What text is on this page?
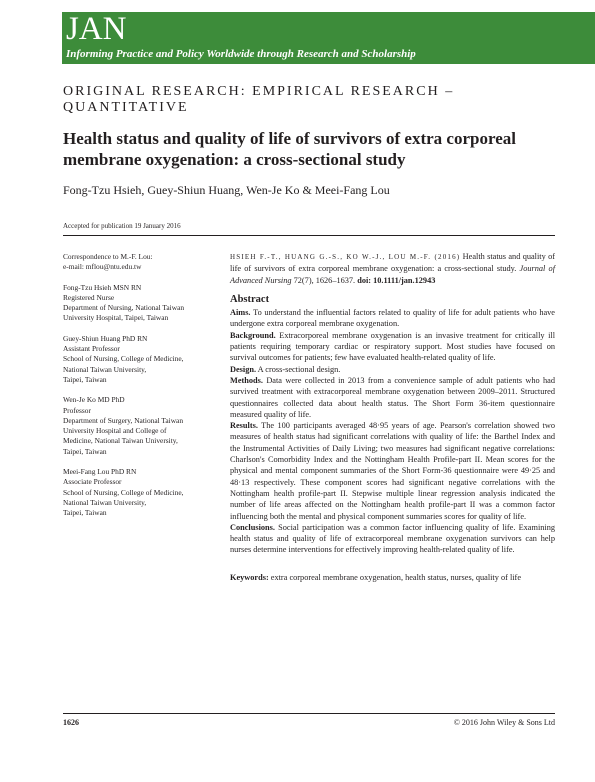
JAN
Informing Practice and Policy Worldwide through Research and Scholarship
ORIGINAL RESEARCH: EMPIRICAL RESEARCH – QUANTITATIVE
Health status and quality of life of survivors of extra corporeal membrane oxygenation: a cross-sectional study
Fong-Tzu Hsieh, Guey-Shiun Huang, Wen-Je Ko & Meei-Fang Lou
Accepted for publication 19 January 2016
Correspondence to M.-F. Lou:
e-mail: mflou@ntu.edu.tw
Fong-Tzu Hsieh MSN RN
Registered Nurse
Department of Nursing, National Taiwan
University Hospital, Taipei, Taiwan
Guey-Shiun Huang PhD RN
Assistant Professor
School of Nursing, College of Medicine,
National Taiwan University,
Taipei, Taiwan
Wen-Je Ko MD PhD
Professor
Department of Surgery, National Taiwan
University Hospital and College of
Medicine, National Taiwan University,
Taipei, Taiwan
Meei-Fang Lou PhD RN
Associate Professor
School of Nursing, College of Medicine,
National Taiwan University,
Taipei, Taiwan

HSIEH F.-T., HUANG G.-S., KO W.-J., LOU M.-F. (2016) Health status and quality of life of survivors of extra corporeal membrane oxygenation: a cross-sectional study. Journal of Advanced Nursing 72(7), 1626–1637. doi: 10.1111/jan.12943

Abstract

Aims. To understand the influential factors related to quality of life for adult patients who have undergone extra corporeal membrane oxygenation.

Background. Extracorporeal membrane oxygenation is an invasive treatment for critically ill patients requiring temporary cardiac or respiratory support. Most studies have focused on survival outcomes for patients; few have evaluated health-related quality of life.

Design. A cross-sectional design.

Methods. Data were collected in 2013 from a convenience sample of adult patients who had survived treatment with extracorporeal membrane oxygenation between 2009–2011. Structured questionnaires collected data about health status. The Short Form 36-item questionnaire measured quality of life.

Results. The 100 participants averaged 48·95 years of age. Pearson's correlation showed two measures of health status had significant correlations with quality of life: the Barthel Index and the Instrumental Activities of Daily Living; two measures had significant negative correlations: Charlson's Comorbidity Index and the Nottingham Health Profile-part II. Mean scores for the physical and mental component summaries of the Short Form-36 questionnaire were 49·25 and 48·13 respectively. These component scores had significant negative correlations with the Nottingham health profile-part II. Stepwise multiple linear regression analysis indicated the number of life areas affected on the Nottingham health profile-part II was a common factor influencing both the mental and physical component summaries scores for quality of life.

Conclusions. Social participation was a common factor influencing quality of life. Examining health status and quality of life of extracorporeal membrane oxygenation survivors can help nurses determine interventions for effectively improving health-related quality of life.

Keywords: extra corporeal membrane oxygenation, health status, nurses, quality of life

1626	© 2016 John Wiley & Sons Ltd
